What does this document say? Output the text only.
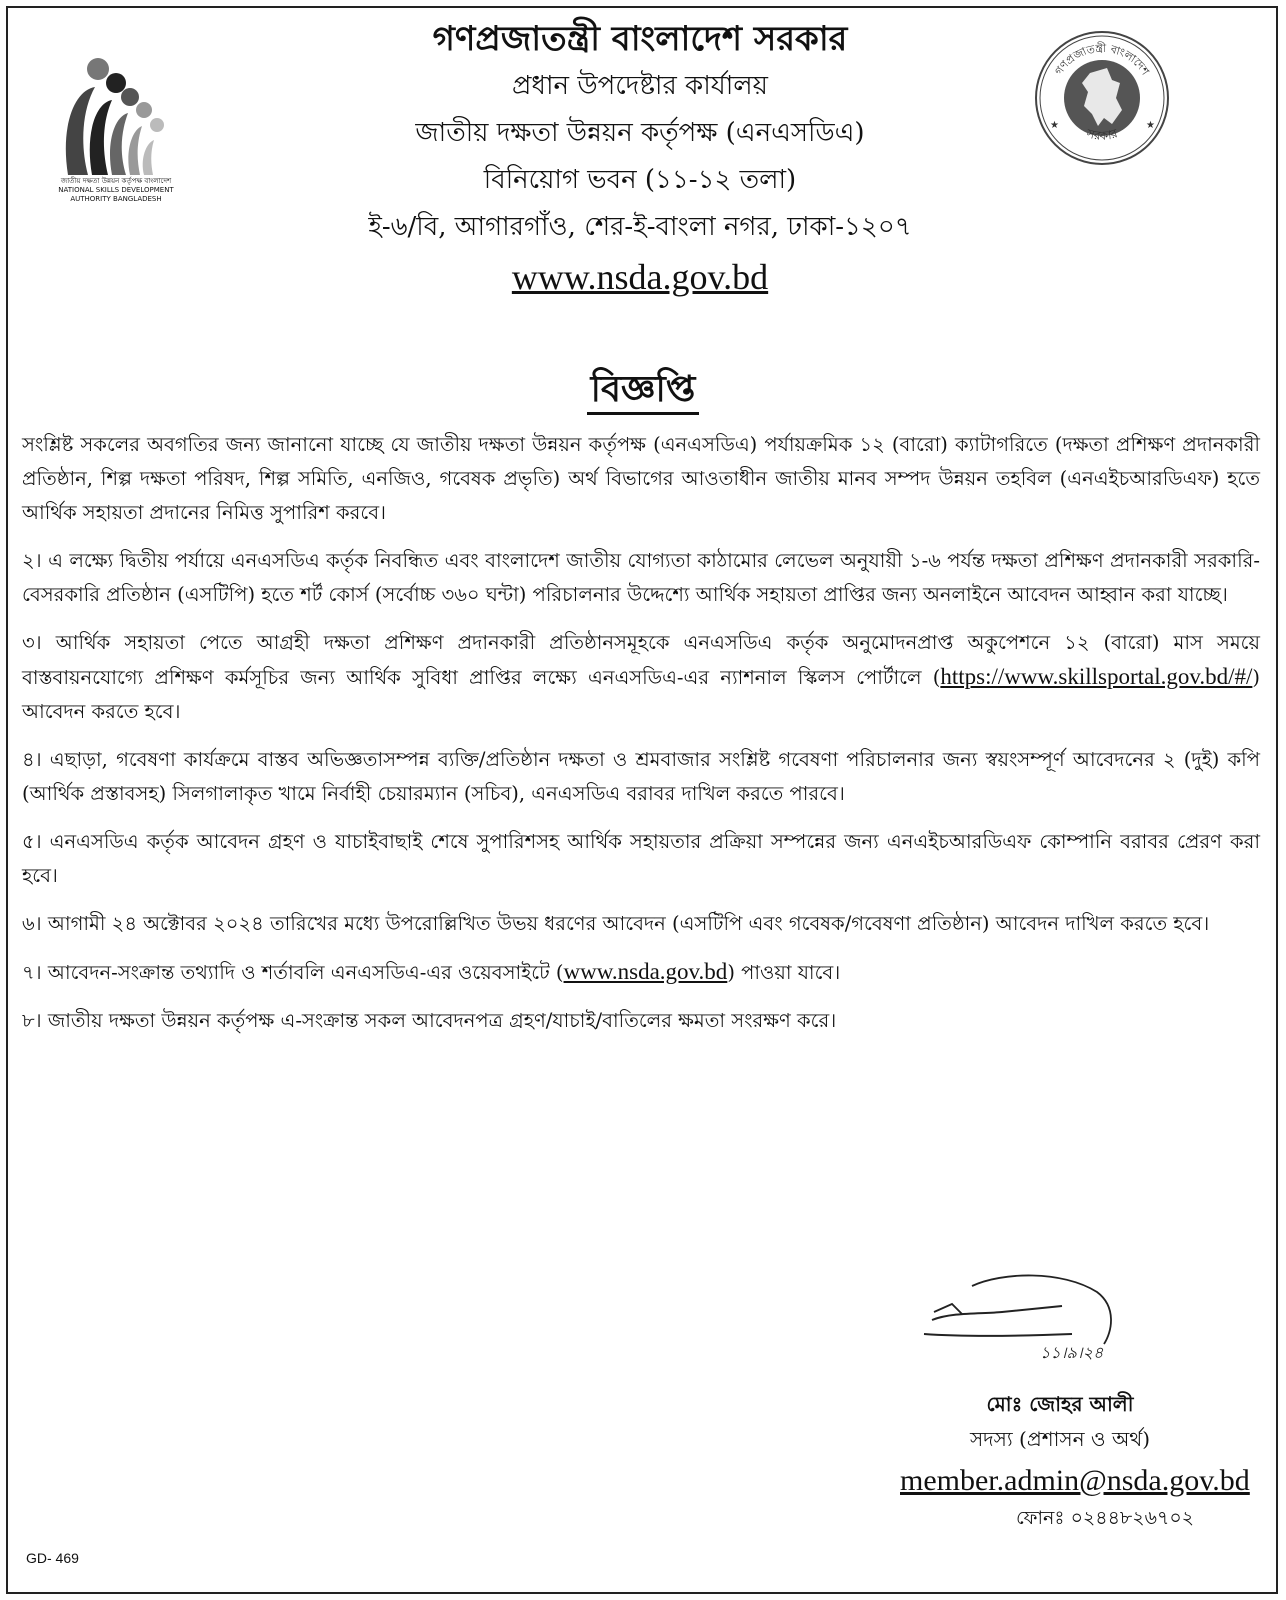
জাতীয় দক্ষতা উন্নয়ন কর্তৃপক্ষ বাংলাদেশ
NATIONAL SKILLS DEVELOPMENT AUTHORITY BANGLADESH
গণপ্রজাতন্ত্রী বাংলাদেশ
সরকার
★	★
গণপ্রজাতন্ত্রী বাংলাদেশ সরকার
প্রধান উপদেষ্টার কার্যালয়
জাতীয় দক্ষতা উন্নয়ন কর্তৃপক্ষ (এনএসডিএ)
বিনিয়োগ ভবন (১১-১২ তলা)
ই-৬/বি, আগারগাঁও, শের-ই-বাংলা নগর, ঢাকা-১২০৭
www.nsda.gov.bd
বিজ্ঞপ্তি

সংশ্লিষ্ট সকলের অবগতির জন্য জানানো যাচ্ছে যে জাতীয় দক্ষতা উন্নয়ন কর্তৃপক্ষ (এনএসডিএ) পর্যায়ক্রমিক ১২ (বারো) ক্যাটাগরিতে (দক্ষতা প্রশিক্ষণ প্রদানকারী প্রতিষ্ঠান, শিল্প দক্ষতা পরিষদ, শিল্প সমিতি, এনজিও, গবেষক প্রভৃতি) অর্থ বিভাগের আওতাধীন জাতীয় মানব সম্পদ উন্নয়ন তহবিল (এনএইচআরডিএফ) হতে আর্থিক সহায়তা প্রদানের নিমিত্ত সুপারিশ করবে।

২। এ লক্ষ্যে দ্বিতীয় পর্যায়ে এনএসডিএ কর্তৃক নিবন্ধিত এবং বাংলাদেশ জাতীয় যোগ্যতা কাঠামোর লেভেল অনুযায়ী ১-৬ পর্যন্ত দক্ষতা প্রশিক্ষণ প্রদানকারী সরকারি-বেসরকারি প্রতিষ্ঠান (এসটিপি) হতে শর্ট কোর্স (সর্বোচ্চ ৩৬০ ঘন্টা) পরিচালনার উদ্দেশ্যে আর্থিক সহায়তা প্রাপ্তির জন্য অনলাইনে আবেদন আহ্বান করা যাচ্ছে।

৩। আর্থিক সহায়তা পেতে আগ্রহী দক্ষতা প্রশিক্ষণ প্রদানকারী প্রতিষ্ঠানসমূহকে এনএসডিএ কর্তৃক অনুমোদনপ্রাপ্ত অকুপেশনে ১২ (বারো) মাস সময়ে বাস্তবায়নযোগ্যে প্রশিক্ষণ কর্মসূচির জন্য আর্থিক সুবিধা প্রাপ্তির লক্ষ্যে এনএসডিএ-এর ন্যাশনাল স্কিলস পোর্টালে (https://www.skillsportal.gov.bd/#/) আবেদন করতে হবে।

৪। এছাড়া, গবেষণা কার্যক্রমে বাস্তব অভিজ্ঞতাসম্পন্ন ব্যক্তি/প্রতিষ্ঠান দক্ষতা ও শ্রমবাজার সংশ্লিষ্ট গবেষণা পরিচালনার জন্য স্বয়ংসম্পূর্ণ আবেদনের ২ (দুই) কপি (আর্থিক প্রস্তাবসহ) সিলগালাকৃত খামে নির্বাহী চেয়ারম্যান (সচিব), এনএসডিএ বরাবর দাখিল করতে পারবে।

৫। এনএসডিএ কর্তৃক আবেদন গ্রহণ ও যাচাইবাছাই শেষে সুপারিশসহ আর্থিক সহায়তার প্রক্রিয়া সম্পন্নের জন্য এনএইচআরডিএফ কোম্পানি বরাবর প্রেরণ করা হবে।

৬। আগামী ২৪ অক্টোবর ২০২৪ তারিখের মধ্যে উপরোল্লিখিত উভয় ধরণের আবেদন (এসটিপি এবং গবেষক/গবেষণা প্রতিষ্ঠান) আবেদন দাখিল করতে হবে।

৭। আবেদন-সংক্রান্ত তথ্যাদি ও শর্তাবলি এনএসডিএ-এর ওয়েবসাইটে (www.nsda.gov.bd) পাওয়া যাবে।

৮। জাতীয় দক্ষতা উন্নয়ন কর্তৃপক্ষ এ-সংক্রান্ত সকল আবেদনপত্র গ্রহণ/যাচাই/বাতিলের ক্ষমতা সংরক্ষণ করে।

১১।৯।২৪
মোঃ জোহর আলী
সদস্য (প্রশাসন ও অর্থ)
member.admin@nsda.gov.bd
ফোনঃ ০২৪৪৮২৬৭০২
GD- 469
